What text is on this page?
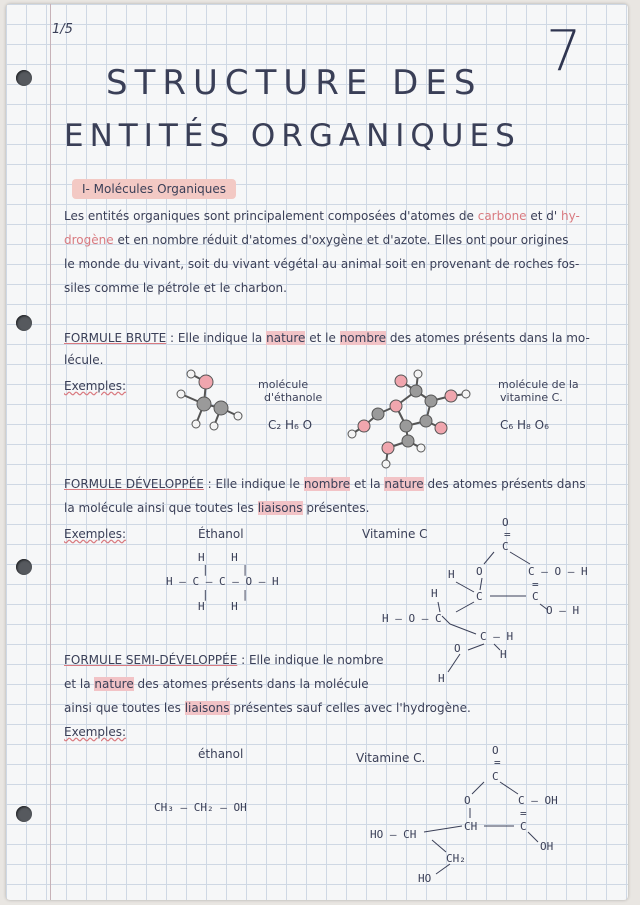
1/5	7
STRUCTURE DES
ENTITÉS ORGANIQUES
I- Molécules Organiques
Les entités organiques sont principalement composées d'atomes de carbone et d' hy-
drogène et en nombre réduit d'atomes d'oxygène et d'azote. Elles ont pour origines
le monde du vivant, soit du vivant végétal au animal soit en provenant de roches fos-
siles comme le pétrole et le charbon.
FORMULE BRUTE : Elle indique la nature et le nombre des atomes présents dans la mo-
lécule.
Exemples:	molécule
d'éthanole
C₂ H₆ O
molécule de la
vitamine C.
C₆ H₈ O₆
FORMULE DÉVELOPPÉE : Elle indique le nombre et la nature des atomes présents dans
la molécule ainsi que toutes les liaisons présentes.
Exemples:	Éthanol	Vitamine C
H    H
|     |
H – C – C – O – H
|     |
H    H
O
=
C
O	C – O – H
=
C
O – H
H
H	C
H – O – C
C – H
H
O
H
FORMULE SEMI-DÉVELOPPÉE : Elle indique le nombre
et la nature des atomes présents dans la molécule
ainsi que toutes les liaisons présentes sauf celles avec l'hydrogène.
Exemples:
éthanol	Vitamine C.
CH₃ – CH₂ – OH
O
=
C
O	C – OH
=
C
OH
CH
HO – CH
CH₂
HO
